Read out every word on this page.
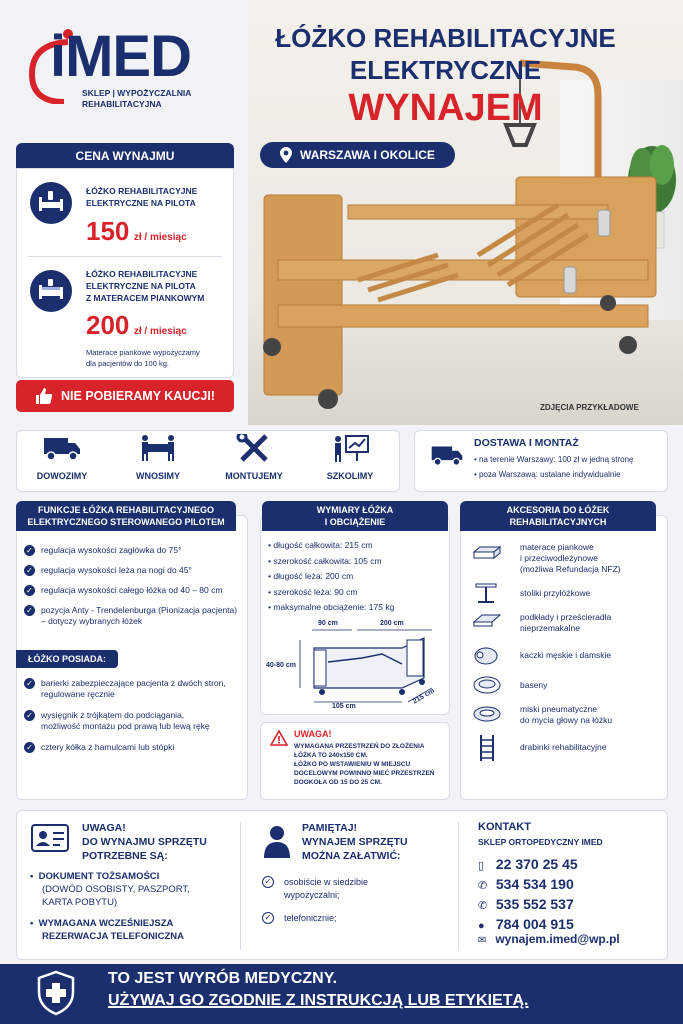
iMED
SKLEP | WYPOŻYCZALNIA
REHABILITACYJNA
ŁÓŻKO REHABILITACYJNE
ELEKTRYCZNE
WYNAJEM
WARSZAWA I OKOLICE
ZDJĘCIA PRZYKŁADOWE
CENA WYNAJMU
ŁÓŻKO REHABILITACYJNE
ELEKTRYCZNE NA PILOTA
150 zł / miesiąc
ŁÓŻKO REHABILITACYJNE
ELEKTRYCZNE NA PILOTA
Z MATERACEM PIANKOWYM
200 zł / miesiąc
Materace piankowe wypożyczamy
dla pacjentów do 100 kg.
NIE POBIERAMY KAUCJI!
DOWOZIMY	WNOSIMY	MONTUJEMY	SZKOLIMY
DOSTAWA I MONTAŻ
• na terenie Warszawy: 100 zł w jedną stronę
• poza Warszawą: ustalane indywidualnie
FUNKCJE ŁÓŻKA REHABILITACYJNEGO
ELEKTRYCZNEGO STEROWANEGO PILOTEM
✓ regulacja wysokości zagłówka do 75°
✓ regulacja wysokości leża na nogi do 45°
✓ regulacja wysokości całego łóżka od 40 – 80 cm
✓ pozycja Anty - Trendelenburga (Pionizacja pacjenta)
– dotyczy wybranych łóżek
ŁÓŻKO POSIADA:
✓ barierki zabezpieczające pacjenta z dwóch stron,
regulowane ręcznie
✓ wysięgnik z trójkątem do podciągania,
możliwość montażu pod prawą lub lewą rękę
✓ cztery kółka z hamulcami lub stópki
WYMIARY ŁÓŻKA
I OBCIĄŻENIE
• długość całkowita: 215 cm
• szerokość całkowita: 105 cm
• długość leża: 200 cm
• szerokość leża: 90 cm
• maksymalne obciążenie: 175 kg
90 cm	200 cm
40-80 cm
105 cm
215 cm
UWAGA!
WYMAGANA PRZESTRZEŃ DO ZŁOŻENIA
ŁÓŻKA TO 240x150 CM.
ŁÓŻKO PO WSTAWIENIU W MIEJSCU
DOCELOWYM POWINNO MIEĆ PRZESTRZEŃ
DOOKOŁA OD 15 DO 25 CM.
AKCESORIA DO ŁÓŻEK
REHABILITACYJNYCH
materace piankowe
i przeciwodleżynowe
(możliwa Refundacja NFZ)
stoliki przyłóżkowe
podkłady i prześcieradła
nieprzemakalne
kaczki męskie i damskie
baseny
miski pneumatyczne
do mycia głowy na łóżku
drabinki rehabilitacyjne
UWAGA!
DO WYNAJMU SPRZĘTU
POTRZEBNE SĄ:
•  DOKUMENT TOŻSAMOŚCI
(DOWÓD OSOBISTY, PASZPORT,
KARTA POBYTU)
•  WYMAGANA WCZEŚNIEJSZA
REZERWACJA TELEFONICZNA
PAMIĘTAJ!
WYNAJEM SPRZĘTU
MOŻNA ZAŁATWIĆ:
✓ osobiście w siedzibie
wypożyczalni;
✓ telefonicznie;
KONTAKT
SKLEP ORTOPEDYCZNY IMED
▯ 22 370 25 45
✆ 534 534 190
✆ 535 552 537
● 784 004 915
✉ wynajem.imed@wp.pl
TO JEST WYRÓB MEDYCZNY.
UŻYWAJ GO ZGODNIE Z INSTRUKCJĄ LUB ETYKIETĄ.
